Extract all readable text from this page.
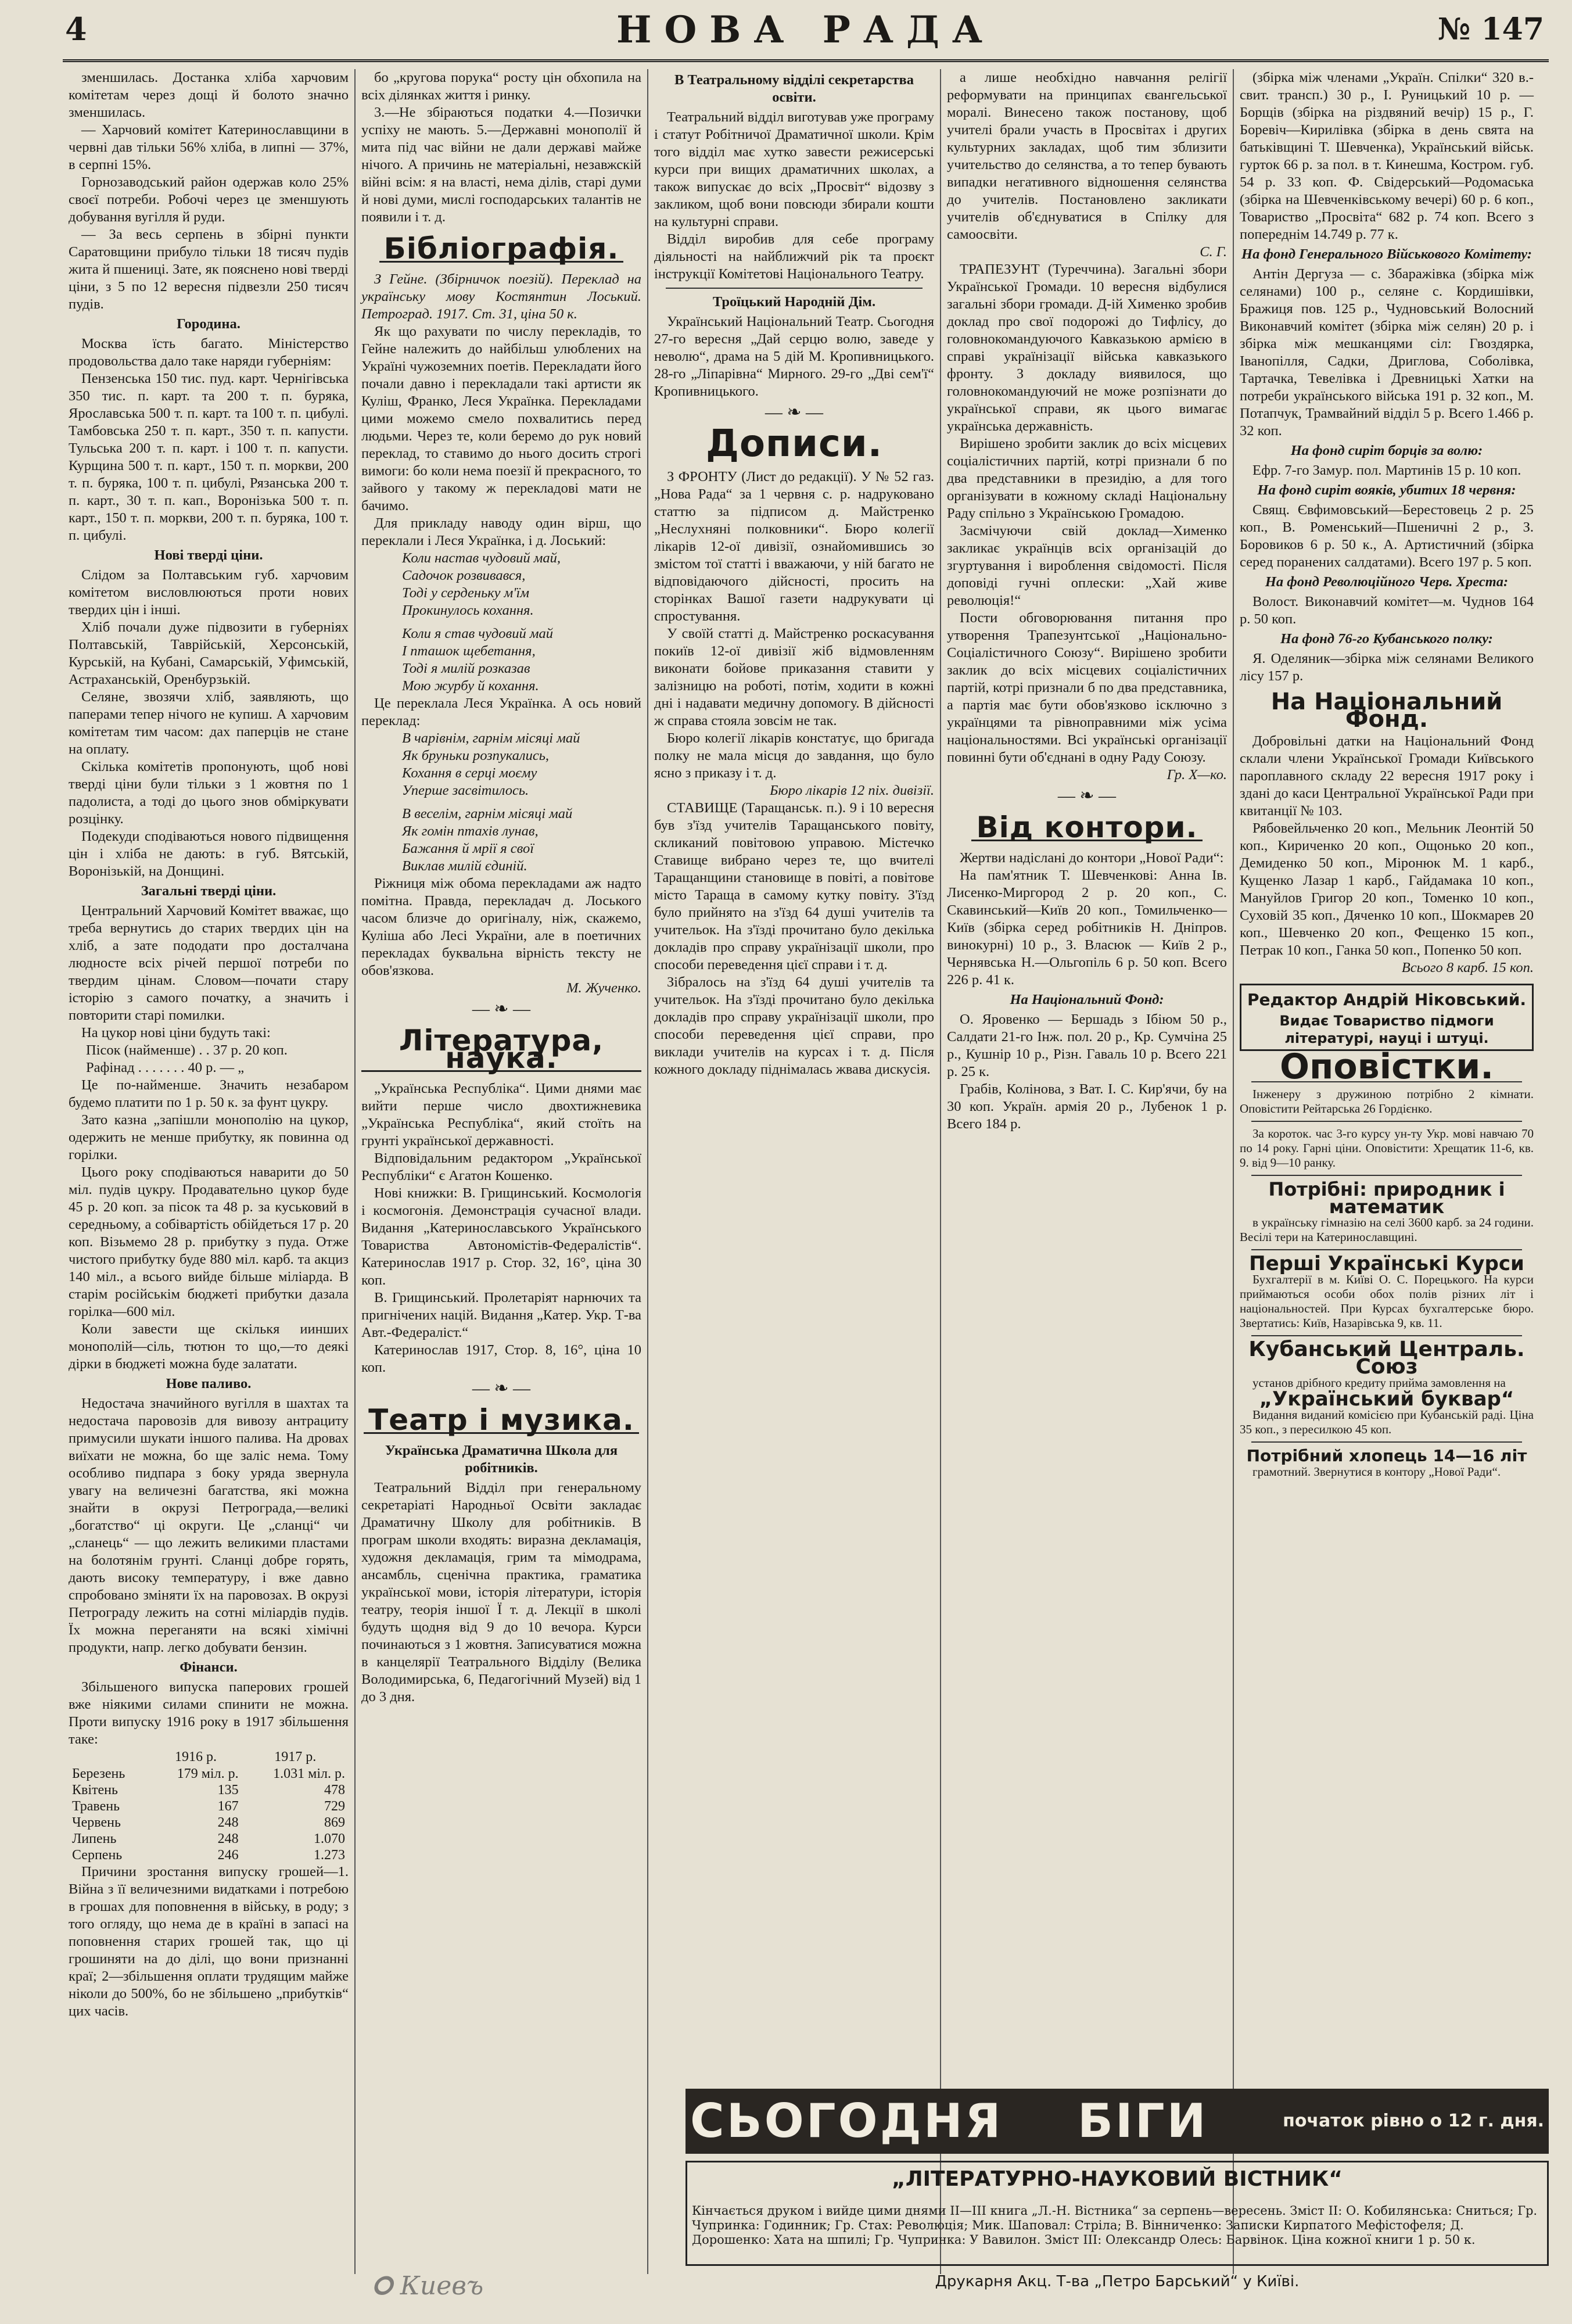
4	НОВА РАДА	№ 147

зменшилась. Достанка хліба харчовим комітетам через дощі й болото значно зменшилась.

— Харчовий комітет Катеринославщини в червні дав тільки 56% хліба, в липні — 37%, в серпні 15%.

Горнозаводський район одержав коло 25% своєї потреби. Робочі через це зменшують добування вугілля й руди.

— За весь серпень в збірні пункти Саратовщини прибуло тільки 18 тисяч пудів жита й пшениці. Зате, як пояснено нові тверді ціни, з 5 по 12 вересня підвезли 250 тисяч пудів.

Городина.

Москва їсть багато. Міністерство продовольства дало таке наряди губерніям:

Пензенська 150 тис. пуд. карт. Чернігівська 350 тис. п. карт. та 200 т. п. буряка, Ярославська 500 т. п. карт. та 100 т. п. цибулі. Тамбовська 250 т. п. карт., 350 т. п. капусти. Тульська 200 т. п. карт. і 100 т. п. капусти. Курщина 500 т. п. карт., 150 т. п. моркви, 200 т. п. буряка, 100 т. п. цибулі, Рязанська 200 т. п. карт., 30 т. п. кап., Воронізька 500 т. п. карт., 150 т. п. моркви, 200 т. п. буряка, 100 т. п. цибулі.

Нові тверді ціни.

Слідом за Полтавським губ. харчовим комітетом висловлюються проти нових твердих цін і інші.

Хліб почали дуже підвозити в губерніях Полтавській, Таврійській, Херсонській, Курській, на Кубані, Самарській, Уфимській, Астраханській, Оренбурзькій.

Селяне, звозячи хліб, заявляють, що паперами тепер нічого не купиш. А харчовим комітетам тим часом: дах паперців не стане на оплату.

Скілька комітетів пропонують, щоб нові тверді ціни були тільки з 1 жовтня по 1 падолиста, а тоді до цього знов обміркувати розцінку.

Подекуди сподіваються нового підвищення цін і хліба не дають: в губ. Вятській, Воронізькій, на Донщині.

Загальні тверді ціни.

Центральний Харчовий Комітет вважає, що треба вернутись до старих твердих цін на хліб, а зате пододати про досталчана людносте всіх річей першої потреби по твердим цінам. Словом—почати стару історію з самого початку, а значить і повторити старі помилки.

На цукор нові ціни будуть такі:

Пісок (найменше) . . 37 р. 20 коп.
Рафінад . . . . . . . 40 р. — „

Це по-найменше. Значить незабаром будемо платити по 1 р. 50 к. за фунт цукру.

Зато казна „запішли монополію на цукор, одержить не менше прибутку, як повинна од горілки.

Цього року сподіваються наварити до 50 міл. пудів цукру. Продавательно цукор буде 45 р. 20 коп. за пісок та 48 р. за куськовий в середньому, а собівартість обійдеться 17 р. 20 коп. Візьмемо 28 р. прибутку з пуда. Отже чистого прибутку буде 880 міл. карб. та акциз 140 міл., а всього вийде більше міліарда. В старім російськім бюджеті прибутки дазала горілка—600 міл.

Коли завести ще скількя иинших монополій—сіль, тютюн то що,—то деякі дірки в бюджеті можна буде залатати.

Нове паливо.

Недостача значийного вугілля в шахтах та недостача паровозів для вивозу антрациту примусили шукати іншого палива. На дровах виїхати не можна, бо ще заліс нема. Тому особливо пидпара з боку уряда звернула увагу на величезні багатства, які можна знайти в окрузі Петрограда,—великі „богатство“ ці округи. Це „сланці“ чи „сланець“ — що лежить великими пластами на болотянім грунті. Сланці добре горять, дають високу температуру, і вже давно спробовано зміняти їх на паровозах. В окрузі Петрограду лежить на сотні міліардів пудів. Їх можна переганяти на всякі хімічні продукти, напр. легко добувати бензин.

Фінанси.

Збільшеного випуска паперових грошей вже ніякими силами спинити не можна. Проти випуску 1916 року в 1917 збільшення таке:

	1916 р.	1917 р.
Березень	179 міл. р.	1.031 міл. р.
Квітень	135	478
Травень	167	729
Червень	248	869
Липень	248	1.070
Серпень	246	1.273

Причини зростання випуску грошей—1. Війна з її величезними видатками і потребою в грошах для поповнення в війську, в роду; з того огляду, що нема де в країні в запасі на поповнення старих грошей так, що ці грошиняти на до ділі, що вони признанні краї; 2—збільшення оплати трудящим майже ніколи до 500%, бо не збільшено „прибутків“ цих часів.

бо „кругова порука“ росту цін обхопила на всіх ділянках життя і ринку.

3.—Не збіраються податки 4.—Позички успіху не мають. 5.—Державні монополії й мита під час війни не дали державі майже нічого. А причинь не матеріальні, незавжскій війні всім: я на власті, нема ділів, старі думи й нові думи, мислі господарських талантів не появили і т. д.

Бібліографія.

З Гейне. (Збірничок поезій). Переклад на українську мову Костянтин Лоський. Петроград. 1917. Ст. 31, ціна 50 к.

Як що рахувати по числу перекладів, то Гейне належить до найбільш улюблених на Україні чужоземних поетів. Перекладати його почали давно і перекладали такі артисти як Куліш, Франко, Леся Українка. Перекладами цими можемо смело похвалитись перед людьми. Через те, коли беремо до рук новий переклад, то ставимо до нього досить строгі вимоги: бо коли нема поезії й прекрасного, то зайвого у такому ж перекладові мати не бачимо.

Для прикладу наводу один вірш, що переклали і Леся Українка, і д. Лоський:

Коли настав чудовий май,
Садочок розвивався,
Тоді у серденьку м'їм
Прокинулось кохання.
Коли я став чудовий май
І пташок щебетання,
Тоді я милій розказав
Мою журбу й кохання.

Це переклала Леся Українка. А ось новий переклад:

В чарівнім, гарнім місяці май
Як бруньки розпукались,
Кохання в серці моєму
Уперше засвітилось.
В веселім, гарнім місяці май
Як гомін птахів лунав,
Бажання й мрії я свої
Виклав милій єдиній.

Ріжниця між обома перекладами аж надто помітна. Правда, перекладач д. Лоського часом близче до оригіналу, ніж, скажемо, Куліша або Лесі України, але в поетичних перекладах буквальна вірність тексту не обов'язкова.

М. Жученко.
— ❧ —
Література, наука.

„Українська Республіка“. Цими днями має вийти перше число двохтижневика „Українська Республіка“, який стоїть на грунті української державності.

Відповідальним редактором „Української Республіки“ є Агатон Кошенко.

Нові книжки: В. Грищинський. Космологія і космогонія. Демонстрація сучасної влади. Видання „Катеринославського Українського Товариства Автономістів-Федералістів“. Катеринослав 1917 р. Стор. 32, 16°, ціна 30 коп.

В. Грищинський. Пролетаріят нарнючих та пригнічених націй. Видання „Катер. Укр. Т-ва Авт.-Федераліст.“

Катеринослав 1917, Стор. 8, 16°, ціна 10 коп.

— ❧ —
Театр і музика.
Українська Драматична Школа для робітників.

Театральний Відділ при генеральному секретаріаті Народньої Освіти закладає Драматичну Школу для робітників. В програм школи входять: виразна декламація, художня декламація, грим та мімодрама, ансамбль, сценічна практика, граматика української мови, історія літератури, історія театру, теорія іншої Ї т. д. Лекції в школі будуть щодня від 9 до 10 вечора. Курси починаються з 1 жовтня. Записуватися можна в канцелярії Театрального Відділу (Велика Володимирська, 6, Педагогічний Музей) від 1 до 3 дня.

В Театральному відділі секретарства освіти.

Театральний відділ виготував уже програму і статут Робітничої Драматичної школи. Крім того відділ має хутко завести режисерські курси при вищих драматичних школах, а також випускає до всіх „Просвіт“ відозву з закликом, щоб вони повсюди збирали кошти на культурні справи.

Відділ виробив для себе програму діяльності на найближчий рік та проєкт інструкції Комітетові Національного Театру.

Троїцький Народній Дім.

Український Національний Театр. Сьогодня 27-го вересня „Дай серцю волю, заведе у неволю“, драма на 5 дій М. Кропивницького. 28-го „Ліпарівна“ Мирного. 29-го „Дві сем'ї“ Кропивницького.

— ❧ —
Дописи.

З ФРОНТУ (Лист до редакції). У № 52 газ. „Нова Рада“ за 1 червня с. р. надруковано статтю за підписом д. Майстренко „Неслухняні полковники“. Бюро колегії лікарів 12-ої дивізії, ознайомившись зо змістом тої статті і вважаючи, у ній багато не відповідаючого дійсності, просить на сторінках Вашої газети надрукувати ці спростування.

У своїй статті д. Майстренко роскасування покиїв 12-ої дивізії жіб відмовленням виконати бойове приказання ставити у залізницю на роботі, потім, ходити в кожні дні і надавати медичну допомогу. В дійсності ж справа стояла зовсім не так.

Бюро колегії лікарів констатує, що бригада полку не мала місця до завдання, що було ясно з приказу і т. д.

Бюро лікарів 12 піх. дивізії.

СТАВИЩЕ (Таращанськ. п.). 9 і 10 вересня був з'їзд учителів Таращанського повіту, скликаний повітовою управою. Містечко Ставище вибрано через те, що вчителі Таращанщини становище в повіті, а повітове місто Тараща в самому кутку повіту. З'їзд було прийнято на з'їзд 64 душі учителів та учительок. На з'їзді прочитано було декілька докладів про справу українізації школи, про способи переведення цієї справи і т. д.

Зібралось на з'їзд 64 душі учителів та учительок. На з'їзді прочитано було декілька докладів про справу українізації школи, про способи переведення цієї справи, про виклади учителів на курсах і т. д. Після кожного докладу піднімалась жвава дискусія.

а лише необхідно навчання релігії реформувати на принципах євангельської моралі. Винесено також постанову, щоб учителі брали участь в Просвітах і других культурних закладах, щоб тим зблизити учительство до селянства, а то тепер бувають випадки негативного відношення селянства до учителів. Постановлено закликати учителів об'єднуватися в Спілку для самоосвіти.

С. Г.

ТРАПЕЗУНТ (Туреччина). Загальні збори Української Громади. 10 вересня відбулися загальні збори громади. Д-ій Хименко зробив доклад про свої подорожі до Тифлісу, до головнокомандуючого Кавказькою армією в справі українізації війська кавказького фронту. З докладу виявилося, що головнокомандуючий не може розпізнати до української справи, як цього вимагає українська державність.

Вирішено зробити заклик до всіх місцевих соціалістичних партій, котрі признали б по два представники в президію, а для того організувати в кожному складі Національну Раду спільно з Українською Громадою.

Засмічуючи свій доклад—Хименко закликає українців всіх організацій до згуртування і вироблення свідомості. Після доповіді гучні оплески: „Хай живе революція!“

Пости обговорювання питання про утворення Трапезунтської „Національно-Соціалістичного Союзу“. Вирішено зробити заклик до всіх місцевих соціалістичних партій, котрі признали б по два представника, а партія має бути обов'язково ісключно з українцями та рівноправними між усіма національностями. Всі українські організації повинні бути об'єднані в одну Раду Союзу.

Гр. Х—ко.
— ❧ —
Від контори.

Жертви надіслані до контори „Нової Ради“:

На пам'ятник Т. Шевченкові: Анна Ів. Лисенко-Миргород 2 р. 20 коп., С. Скавинський—Київ 20 коп., Томильченко—Київ (збірка серед робітників Н. Дніпров. винокурні) 10 р., З. Власюк — Київ 2 р., Чернявська Н.—Ольгопіль 6 р. 50 коп. Всего 226 р. 41 к.

На Національний Фонд:

О. Яровенко — Бершадь з Ібіюм 50 р., Салдати 21-го Інж. пол. 20 р., Кр. Сумчіна 25 р., Кушнір 10 р., Різн. Гаваль 10 р. Всего 221 р. 25 к.

Грабів, Колінова, з Ват. І. С. Кир'ячи, бу на 30 коп. Україн. армія 20 р., Лубенок 1 р. Всего 184 р.

(збірка між членами „Україн. Спілки“ 320 в.-свит. трансп.) 30 р., І. Руницький 10 р. — Борщів (збірка на різдвяний вечір) 15 р., Г. Боревіч—Кирилівка (збірка в день свята на батьківщині Т. Шевченка), Український військ. гурток 66 р. за пол. в т. Кинешма, Костром. губ. 54 р. 33 коп. Ф. Свідерський—Родомаська (збірка на Шевченківському вечері) 60 р. 6 коп., Товариство „Просвіта“ 682 р. 74 коп. Всего з попереднім 14.749 р. 77 к.

На фонд Генерального Військового Комітету:

Антін Дергуза — с. Збаражівка (збірка між селянами) 100 р., селяне с. Кордишівки, Бражиця пов. 125 р., Чудновський Волосний Виконавчий комітет (збірка між селян) 20 р. і збірка між мешканцями сіл: Гвоздярка, Іванопілля, Садки, Дриглова, Соболівка, Тартачка, Тевелівка і Древницькі Хатки на потреби українського війська 191 р. 32 коп., М. Потапчук, Трамвайний відділ 5 р. Всего 1.466 р. 32 коп.

На фонд сиріт борців за волю:

Ефр. 7-го Замур. пол. Мартинів 15 р. 10 коп.

На фонд сиріт вояків, убитих 18 червня:

Свящ. Євфимовський—Берестовець 2 р. 25 коп., В. Роменський—Пшеничні 2 р., З. Боровиков 6 р. 50 к., А. Артистичний (збірка серед поранених салдатами). Всего 197 р. 5 коп.

На фонд Революційного Черв. Хреста:

Волост. Виконавчий комітет—м. Чуднов 164 р. 50 коп.

На фонд 76-го Кубанського полку:

Я. Оделяник—збірка між селянами Великого лісу 157 р.

На Національний Фонд.

Добровільні датки на Національний Фонд склали члени Української Громади Київського пароплавного складу 22 вересня 1917 року і здані до каси Центральної Української Ради при квитанції № 103.

Рябовейльченко 20 коп., Мельник Леонтій 50 коп., Кириченко 20 коп., Ощонько 20 коп., Демиденко 50 коп., Міронюк М. 1 карб., Кущенко Лазар 1 карб., Гайдамака 10 коп., Мануйлов Григор 20 коп., Томенко 10 коп., Суховій 35 коп., Дяченко 10 коп., Шокмарев 20 коп., Шевченко 20 коп., Фещенко 15 коп., Петрак 10 коп., Ганка 50 коп., Попенко 50 коп.

Всього 8 карб. 15 коп.
Редактор Андрій Ніковський.
Видає Товариство підмоги літературі, науці і штуці.
Оповістки.

Інженеру з дружиною потрібно 2 кімнати. Оповістити Рейтарська 26 Гордієнко.

За короток. час 3-го курсу ун-ту Укр. мові навчаю 70 по 14 року. Гарні ціни. Оповістити: Хрещатик 11-6, кв. 9. від 9—10 ранку.

Потрібні: природник і математик

в українську гімназію на селі 3600 карб. за 24 години. Весілі тери на Катеринославщині.

Перші Українські Курси

Бухгалтерії в м. Київі О. С. Порецького. На курси приймаються особи обох полів різних літ і національностей. При Курсах бухгалтерське бюро. Звертатись: Київ, Назарівська 9, кв. 11.

Кубанський Централь. Союз

установ дрібного кредиту прийма замовлення на

„Український буквар“

Видання виданий комісією при Кубанській раді. Ціна 35 коп., з пересилкою 45 коп.

Потрібний хлопець 14—16 літ

грамотний. Звернутися в контору „Нової Ради“.

СЬОГОДНЯ БІГИ	початок рівно о 12 г. дня.
„ЛІТЕРАТУРНО-НАУКОВИЙ ВІСТНИК“

Кінчається друком і вийде цими днями II—III книга „Л.-Н. Вістника“ за серпень—вересень. Зміст II: О. Кобилянська: Сниться; Гр. Чупринка: Годинник; Гр. Стах: Революція; Мик. Шаповал: Стріла; В. Вінниченко: Записки Кирпатого Мефістофеля; Д. Дорошенко: Хата на шпилі; Гр. Чупринка: У Вавилон. Зміст III: Олександр Олесь: Барвінок. Ціна кожної книги 1 р. 50 к.

Друкарня Акц. Т-ва „Петро Барський“ у Київі.
🞇 Киевъ
